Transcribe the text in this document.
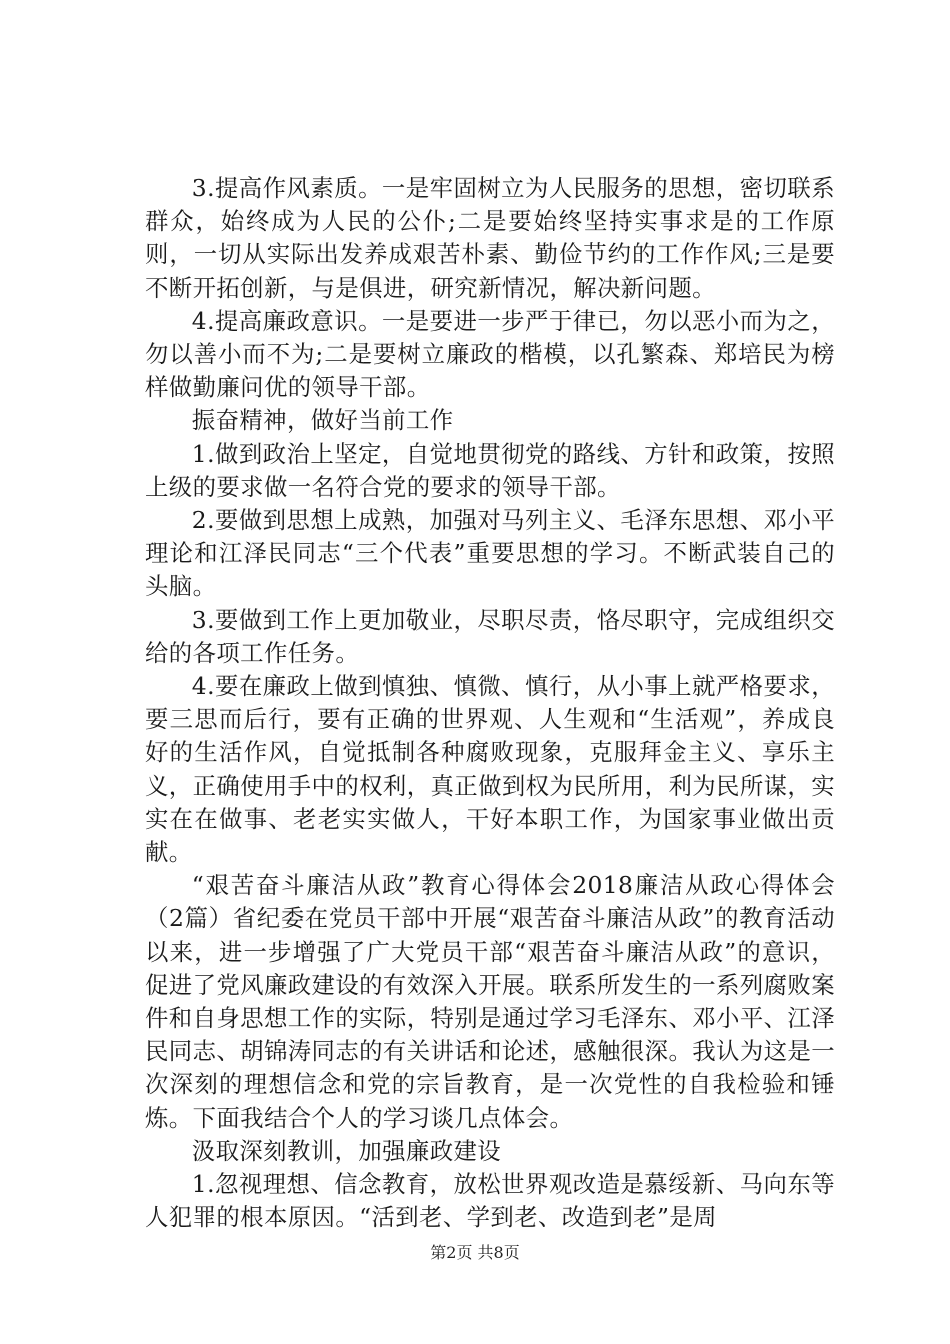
3.提高作风素质。一是牢固树立为人民服务的思想，密切联系群众，始终成为人民的公仆;二是要始终坚持实事求是的工作原则，一切从实际出发养成艰苦朴素、勤俭节约的工作作风;三是要不断开拓创新，与是俱进，研究新情况，解决新问题。

4.提高廉政意识。一是要进一步严于律已，勿以恶小而为之，勿以善小而不为;二是要树立廉政的楷模，以孔繁森、郑培民为榜样做勤廉问优的领导干部。

振奋精神，做好当前工作

1.做到政治上坚定，自觉地贯彻党的路线、方针和政策，按照上级的要求做一名符合党的要求的领导干部。

2.要做到思想上成熟，加强对马列主义、毛泽东思想、邓小平理论和江泽民同志“三个代表”重要思想的学习。不断武装自己的头脑。

3.要做到工作上更加敬业，尽职尽责，恪尽职守，完成组织交给的各项工作任务。

4.要在廉政上做到慎独、慎微、慎行，从小事上就严格要求，要三思而后行，要有正确的世界观、人生观和“生活观”，养成良好的生活作风，自觉抵制各种腐败现象，克服拜金主义、享乐主义，正确使用手中的权利，真正做到权为民所用，利为民所谋，实实在在做事、老老实实做人，干好本职工作，为国家事业做出贡献。

“艰苦奋斗廉洁从政”教育心得体会2018廉洁从政心得体会（2篇）省纪委在党员干部中开展“艰苦奋斗廉洁从政”的教育活动以来，进一步增强了广大党员干部“艰苦奋斗廉洁从政”的意识，促进了党风廉政建设的有效深入开展。联系所发生的一系列腐败案件和自身思想工作的实际，特别是通过学习毛泽东、邓小平、江泽民同志、胡锦涛同志的有关讲话和论述，感触很深。我认为这是一次深刻的理想信念和党的宗旨教育，是一次党性的自我检验和锤炼。下面我结合个人的学习谈几点体会。

汲取深刻教训，加强廉政建设

1.忽视理想、信念教育，放松世界观改造是慕绥新、马向东等人犯罪的根本原因。“活到老、学到老、改造到老”是周

第2页 共8页
